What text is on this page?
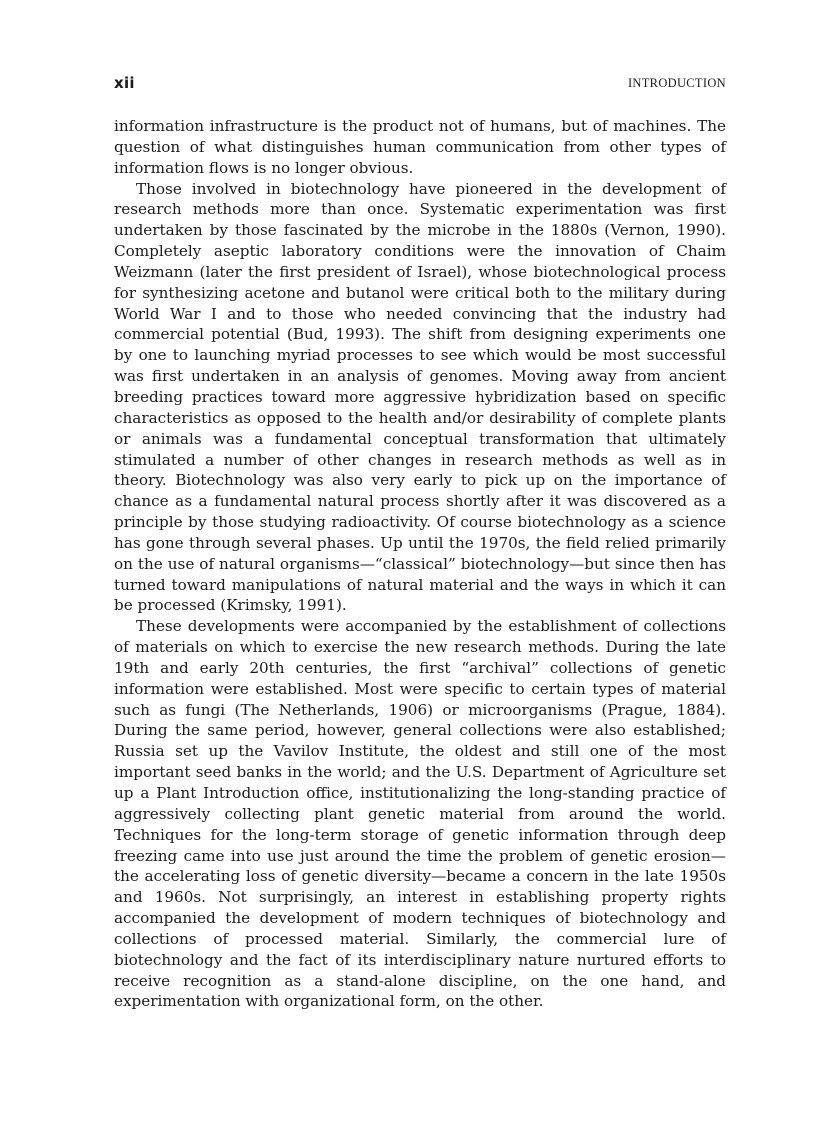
xii	INTRODUCTION

information infrastructure is the product not of humans, but of machines. The question of what distinguishes human communication from other types of information flows is no longer obvious.

Those involved in biotechnology have pioneered in the development of research methods more than once. Systematic experimentation was first undertaken by those fascinated by the microbe in the 1880s (Vernon, 1990). Completely aseptic laboratory conditions were the innovation of Chaim Weizmann (later the first president of Israel), whose biotechnological process for synthesizing acetone and butanol were critical both to the military during World War I and to those who needed convincing that the industry had commercial potential (Bud, 1993). The shift from designing experiments one by one to launching myriad processes to see which would be most successful was first undertaken in an analysis of genomes. Moving away from ancient breeding practices toward more aggressive hybridization based on specific characteristics as opposed to the health and/or desirability of complete plants or animals was a fundamental conceptual transformation that ultimately stimulated a number of other changes in research methods as well as in theory. Biotechnology was also very early to pick up on the importance of chance as a fundamental natural process shortly after it was discovered as a principle by those studying radioactivity. Of course biotechnology as a science has gone through several phases. Up until the 1970s, the field relied primarily on the use of natural organisms—“classical” biotechnology—but since then has turned toward manipulations of natural material and the ways in which it can be processed (Krimsky, 1991).

These developments were accompanied by the establishment of collections of materials on which to exercise the new research methods. During the late 19th and early 20th centuries, the first “archival” collections of genetic information were established. Most were specific to certain types of material such as fungi (The Netherlands, 1906) or microorganisms (Prague, 1884). During the same period, however, general collections were also established; Russia set up the Vavilov Institute, the oldest and still one of the most important seed banks in the world; and the U.S. Department of Agriculture set up a Plant Introduction office, institutionalizing the long-standing practice of aggressively collecting plant genetic material from around the world. Techniques for the long-term storage of genetic information through deep freezing came into use just around the time the problem of genetic erosion—the accelerating loss of genetic diversity—became a concern in the late 1950s and 1960s. Not surprisingly, an interest in establishing property rights accompanied the development of modern techniques of biotechnology and collections of processed material. Similarly, the commercial lure of biotechnology and the fact of its interdisciplinary nature nurtured efforts to receive recognition as a stand-alone discipline, on the one hand, and experimentation with organizational form, on the other.
